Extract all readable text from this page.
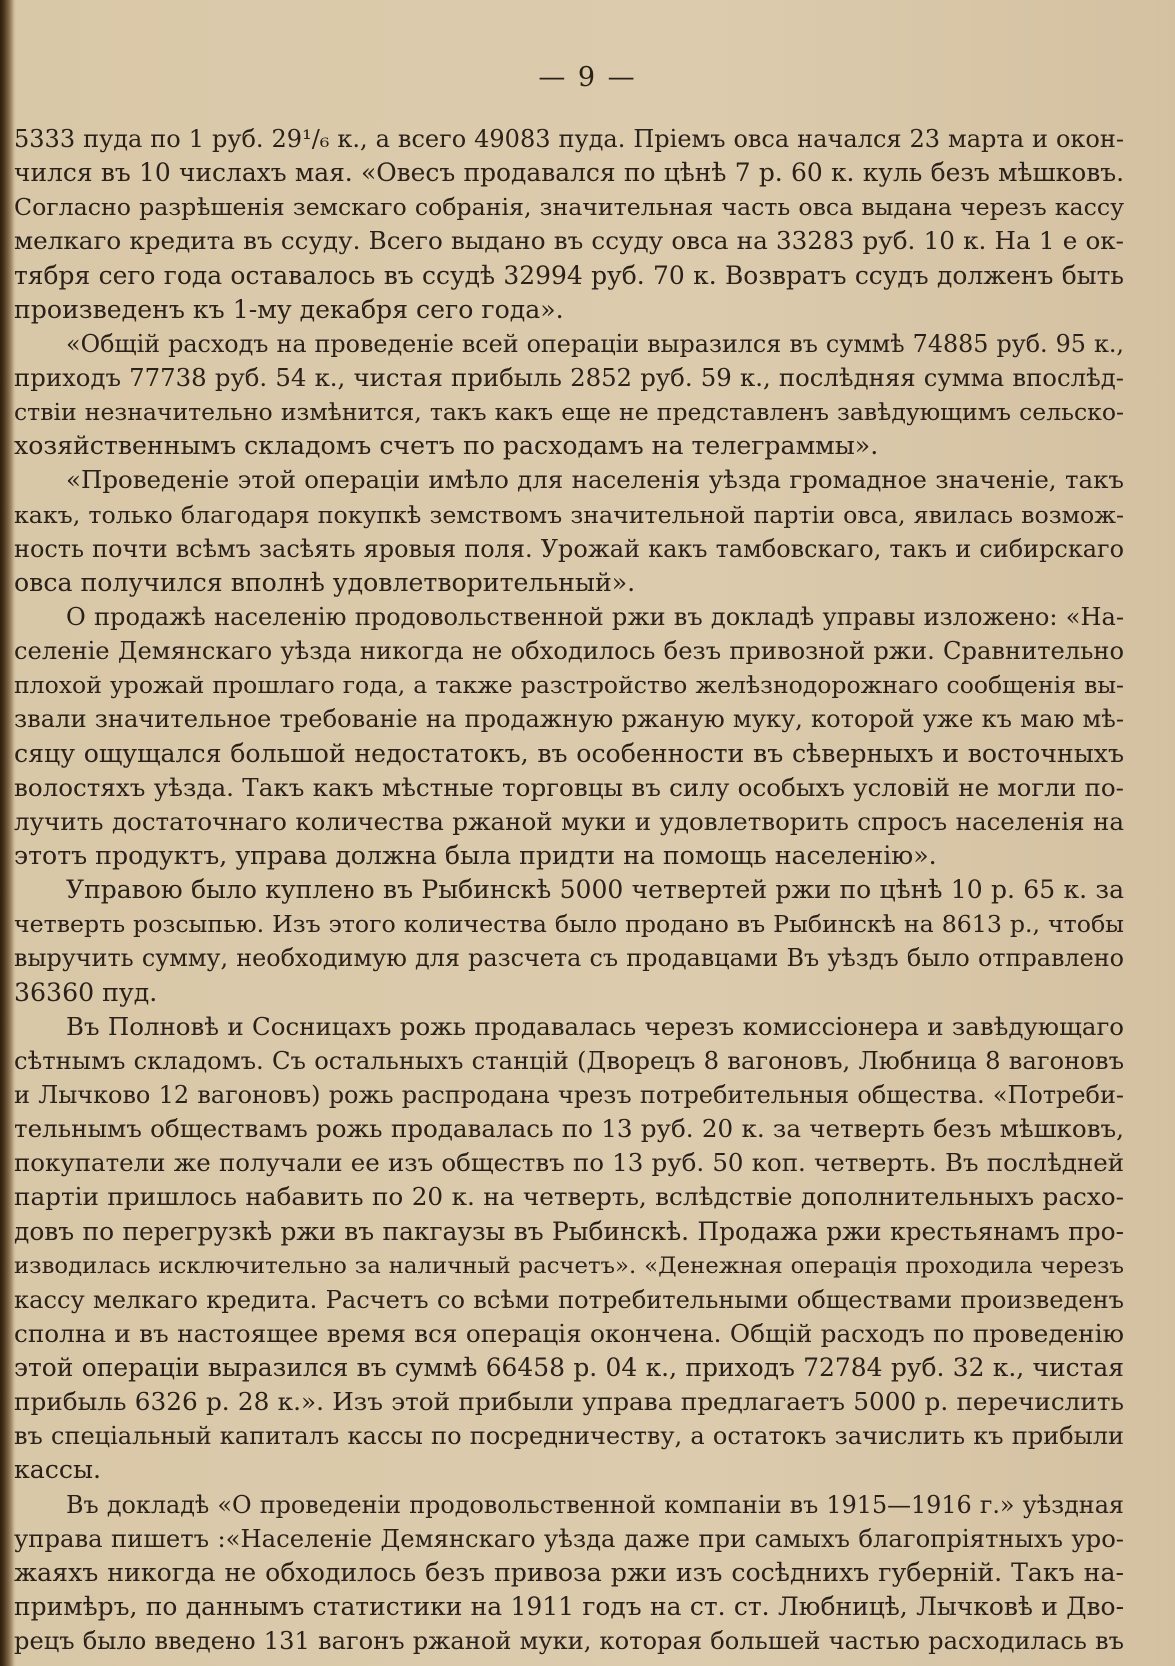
— 9 —
5333 пуда по 1 руб. 29¹/₆ к., а всего 49083 пуда. Пріемъ овса начался 23 марта и окон-
чился въ 10 числахъ мая. «Овесъ продавался по цѣнѣ 7 р. 60 к. куль безъ мѣшковъ.
Согласно разрѣшенія земскаго собранія, значительная часть овса выдана черезъ кассу
мелкаго кредита въ ссуду. Всего выдано въ ссуду овса на 33283 руб. 10 к. На 1 е ок-
тября сего года оставалось въ ссудѣ 32994 руб. 70 к. Возвратъ ссудъ долженъ быть
произведенъ къ 1-му декабря сего года».
«Общій расходъ на проведеніе всей операціи выразился въ суммѣ 74885 руб. 95 к.,
приходъ 77738 руб. 54 к., чистая прибыль 2852 руб. 59 к., послѣдняя сумма впослѣд-
ствіи незначительно измѣнится, такъ какъ еще не представленъ завѣдующимъ сельско-
хозяйственнымъ складомъ счетъ по расходамъ на телеграммы».
«Проведеніе этой операціи имѣло для населенія уѣзда громадное значеніе, такъ
какъ, только благодаря покупкѣ земствомъ значительной партіи овса, явилась возмож-
ность почти всѣмъ засѣять яровыя поля. Урожай какъ тамбовскаго, такъ и сибирскаго
овса получился вполнѣ удовлетворительный».
О продажѣ населенію продовольственной ржи въ докладѣ управы изложено: «На-
селеніе Демянскаго уѣзда никогда не обходилось безъ привозной ржи. Сравнительно
плохой урожай прошлаго года, а также разстройство желѣзнодорожнаго сообщенія вы-
звали значительное требованіе на продажную ржаную муку, которой уже къ маю мѣ-
сяцу ощущался большой недостатокъ, въ особенности въ сѣверныхъ и восточныхъ
волостяхъ уѣзда. Такъ какъ мѣстные торговцы въ силу особыхъ условій не могли по-
лучить достаточнаго количества ржаной муки и удовлетворить спросъ населенія на
этотъ продуктъ, управа должна была придти на помощь населенію».
Управою было куплено въ Рыбинскѣ 5000 четвертей ржи по цѣнѣ 10 р. 65 к. за
четверть розсыпью. Изъ этого количества было продано въ Рыбинскѣ на 8613 р., чтобы
выручить сумму, необходимую для разсчета съ продавцами Въ уѣздъ было отправлено
36360 пуд.
Въ Полновѣ и Сосницахъ рожь продавалась черезъ комиссіонера и завѣдующаго
сѣтнымъ складомъ. Съ остальныхъ станцій (Дворецъ 8 вагоновъ, Любница 8 вагоновъ
и Лычково 12 вагоновъ) рожь распродана чрезъ потребительныя общества. «Потреби-
тельнымъ обществамъ рожь продавалась по 13 руб. 20 к. за четверть безъ мѣшковъ,
покупатели же получали ее изъ обществъ по 13 руб. 50 коп. четверть. Въ послѣдней
партіи пришлось набавить по 20 к. на четверть, вслѣдствіе дополнительныхъ расхо-
довъ по перегрузкѣ ржи въ пакгаузы въ Рыбинскѣ. Продажа ржи крестьянамъ про-
изводилась исключительно за наличный расчетъ». «Денежная операція проходила черезъ
кассу мелкаго кредита. Расчетъ со всѣми потребительными обществами произведенъ
сполна и въ настоящее время вся операція окончена. Общій расходъ по проведенію
этой операціи выразился въ суммѣ 66458 р. 04 к., приходъ 72784 руб. 32 к., чистая
прибыль 6326 р. 28 к.». Изъ этой прибыли управа предлагаетъ 5000 р. перечислить
въ спеціальный капиталъ кассы по посредничеству, а остатокъ зачислить къ прибыли
кассы.
Въ докладѣ «О проведеніи продовольственной компаніи въ 1915—1916 г.» уѣздная
управа пишетъ :«Населеніе Демянскаго уѣзда даже при самыхъ благопріятныхъ уро-
жаяхъ никогда не обходилось безъ привоза ржи изъ сосѣднихъ губерній. Такъ на-
примѣръ, по даннымъ статистики на 1911 годъ на ст. ст. Любницѣ, Лычковѣ и Дво-
рецъ было введено 131 вагонъ ржаной муки, которая большей частью расходилась въ
